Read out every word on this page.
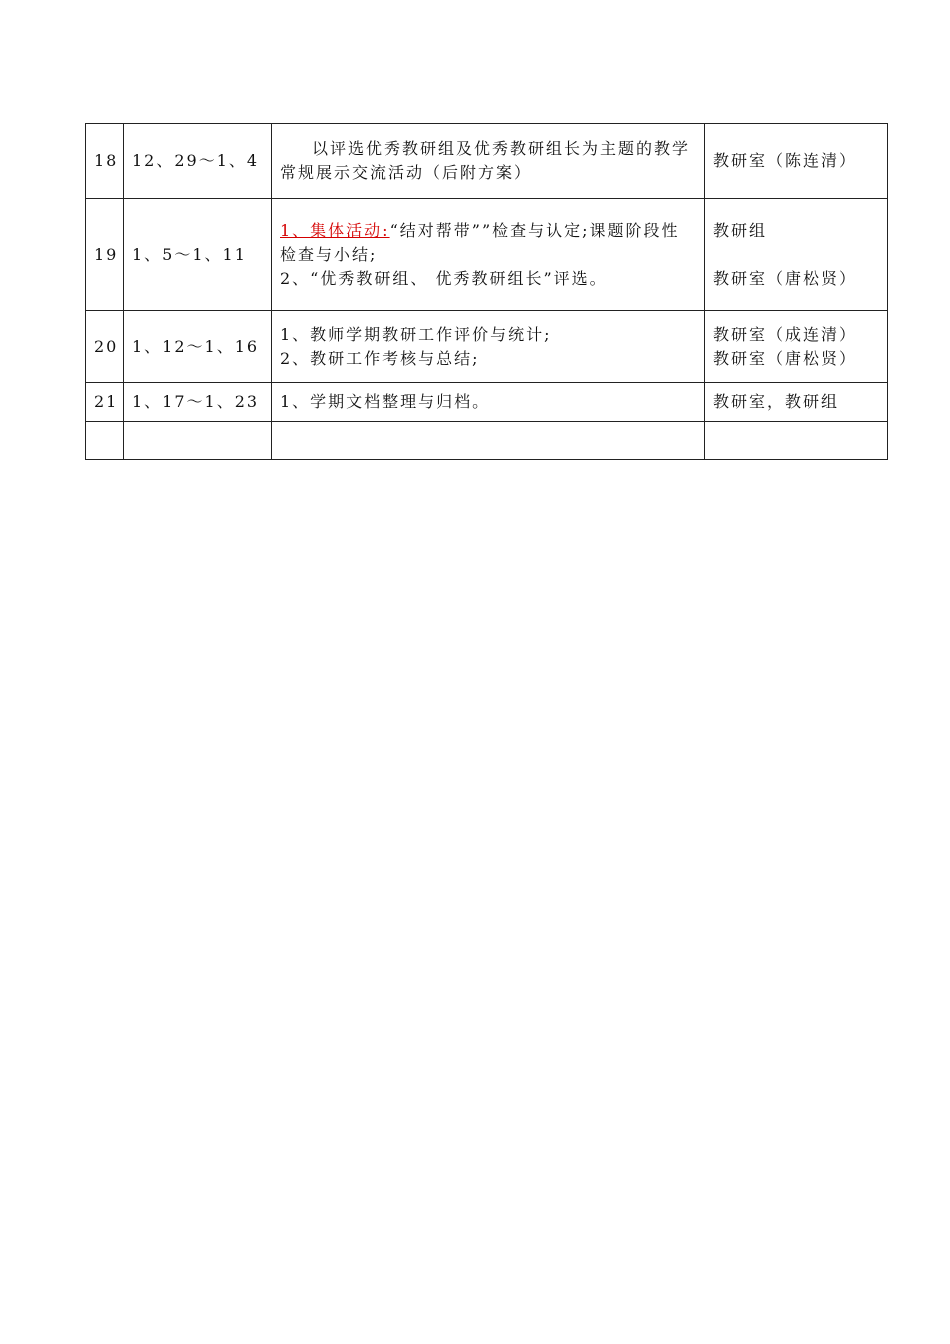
18	12、29～1、4	以评选优秀教研组及优秀教研组长为主题的教学常规展示交流活动（后附方案）	教研室（陈连清）
19	1、5～1、11	1、集体活动:“结对帮带””检查与认定;课题阶段性检查与小结;
2、“优秀教研组、 优秀教研组长”评选。	教研组
教研室（唐松贤）

20	1、12～1、16	1、教师学期教研工作评价与统计;
2、教研工作考核与总结;	教研室（成连清）
教研室（唐松贤）

21	1、17～1、23	1、学期文档整理与归档。	教研室，教研组
